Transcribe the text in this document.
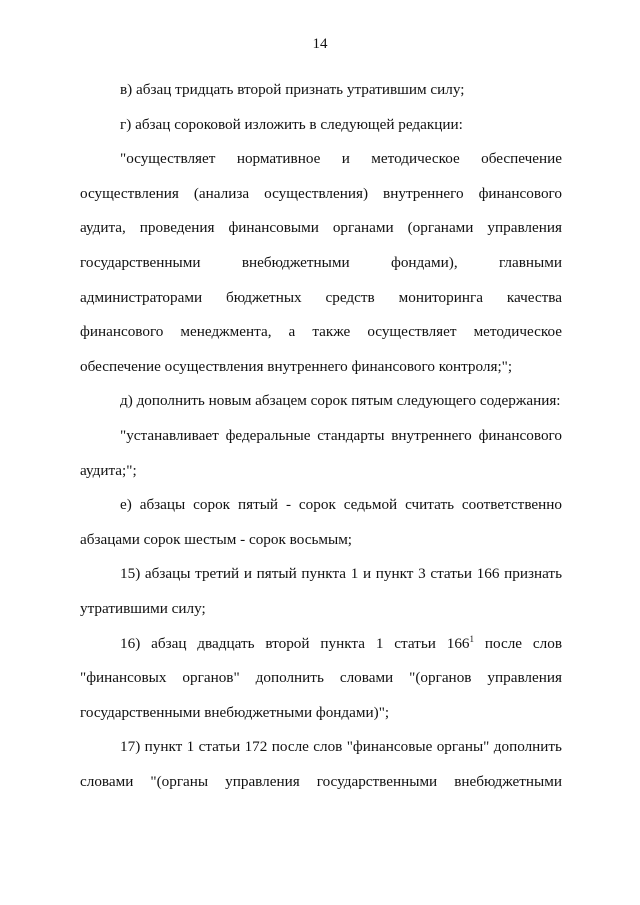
14

в) абзац тридцать второй признать утратившим силу;

г) абзац сороковой изложить в следующей редакции:

"осуществляет нормативное и методическое обеспечение осуществления (анализа осуществления) внутреннего финансового аудита, проведения финансовыми органами (органами управления государственными внебюджетными фондами), главными администраторами бюджетных средств мониторинга качества финансового менеджмента, а также осуществляет методическое обеспечение осуществления внутреннего финансового контроля;";

д) дополнить новым абзацем сорок пятым следующего содержания:

"устанавливает федеральные стандарты внутреннего финансового аудита;";

е) абзацы сорок пятый - сорок седьмой считать соответственно абзацами сорок шестым - сорок восьмым;

15) абзацы третий и пятый пункта 1 и пункт 3 статьи 166 признать утратившими силу;

16) абзац двадцать второй пункта 1 статьи $166^1$ после слов "финансовых органов" дополнить словами "(органов управления государственными внебюджетными фондами)";

17) пункт 1 статьи 172 после слов "финансовые органы" дополнить словами "(органы управления государственными внебюджетными
